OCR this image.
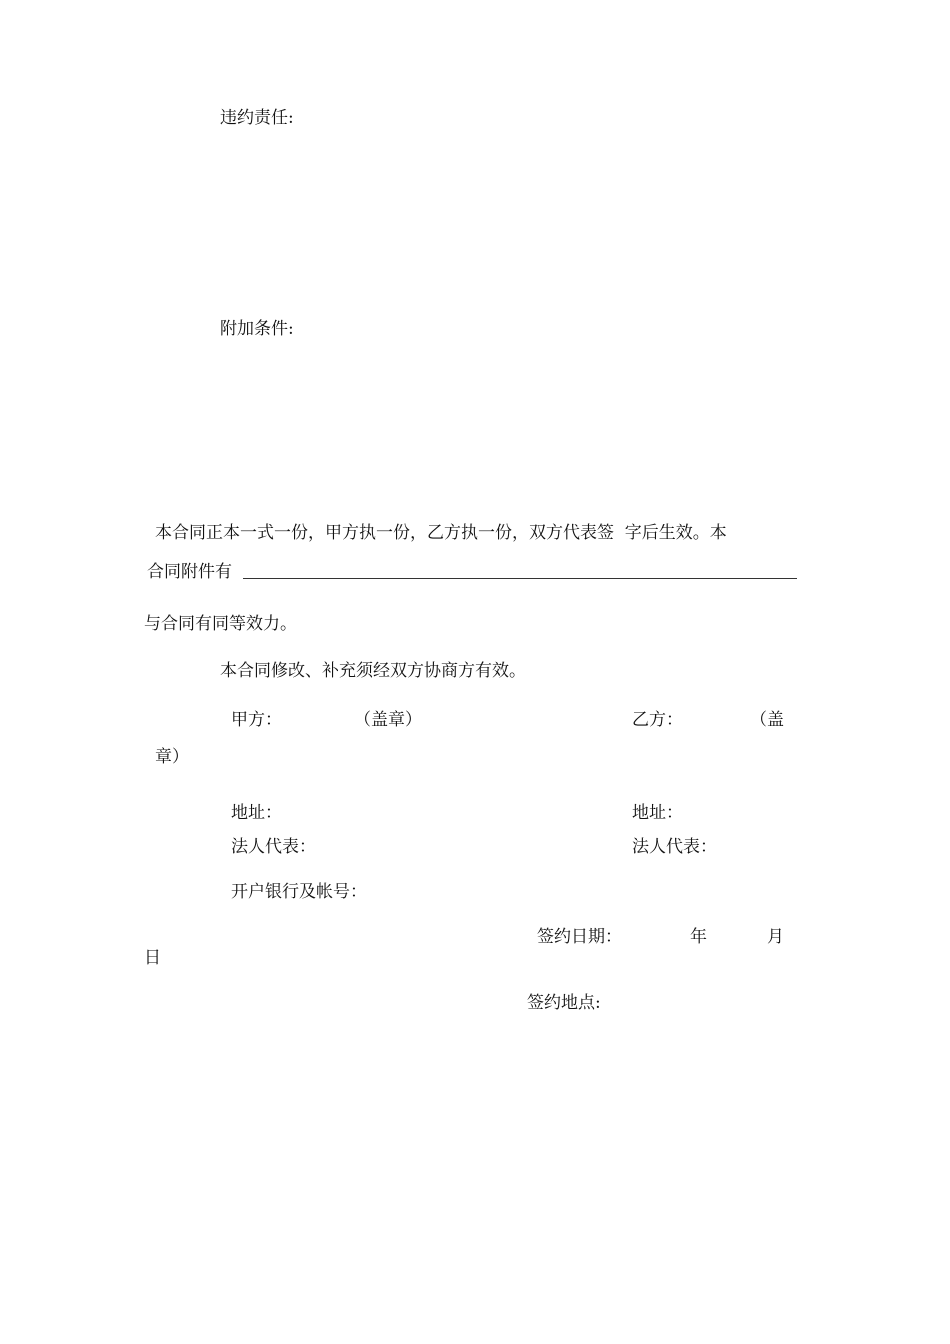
违约责任:
附加条件:
本合同正本一式一份，甲方执一份，乙方执一份，双方代表签  字后生效。本
合同附件有
与合同有同等效力。
本合同修改、补充须经双方协商方有效。
甲方：	（盖章）	乙方：	（盖
章）
地址：	地址：
法人代表：	法人代表：
开户银行及帐号：
签约日期：	年	月
日
签约地点:
